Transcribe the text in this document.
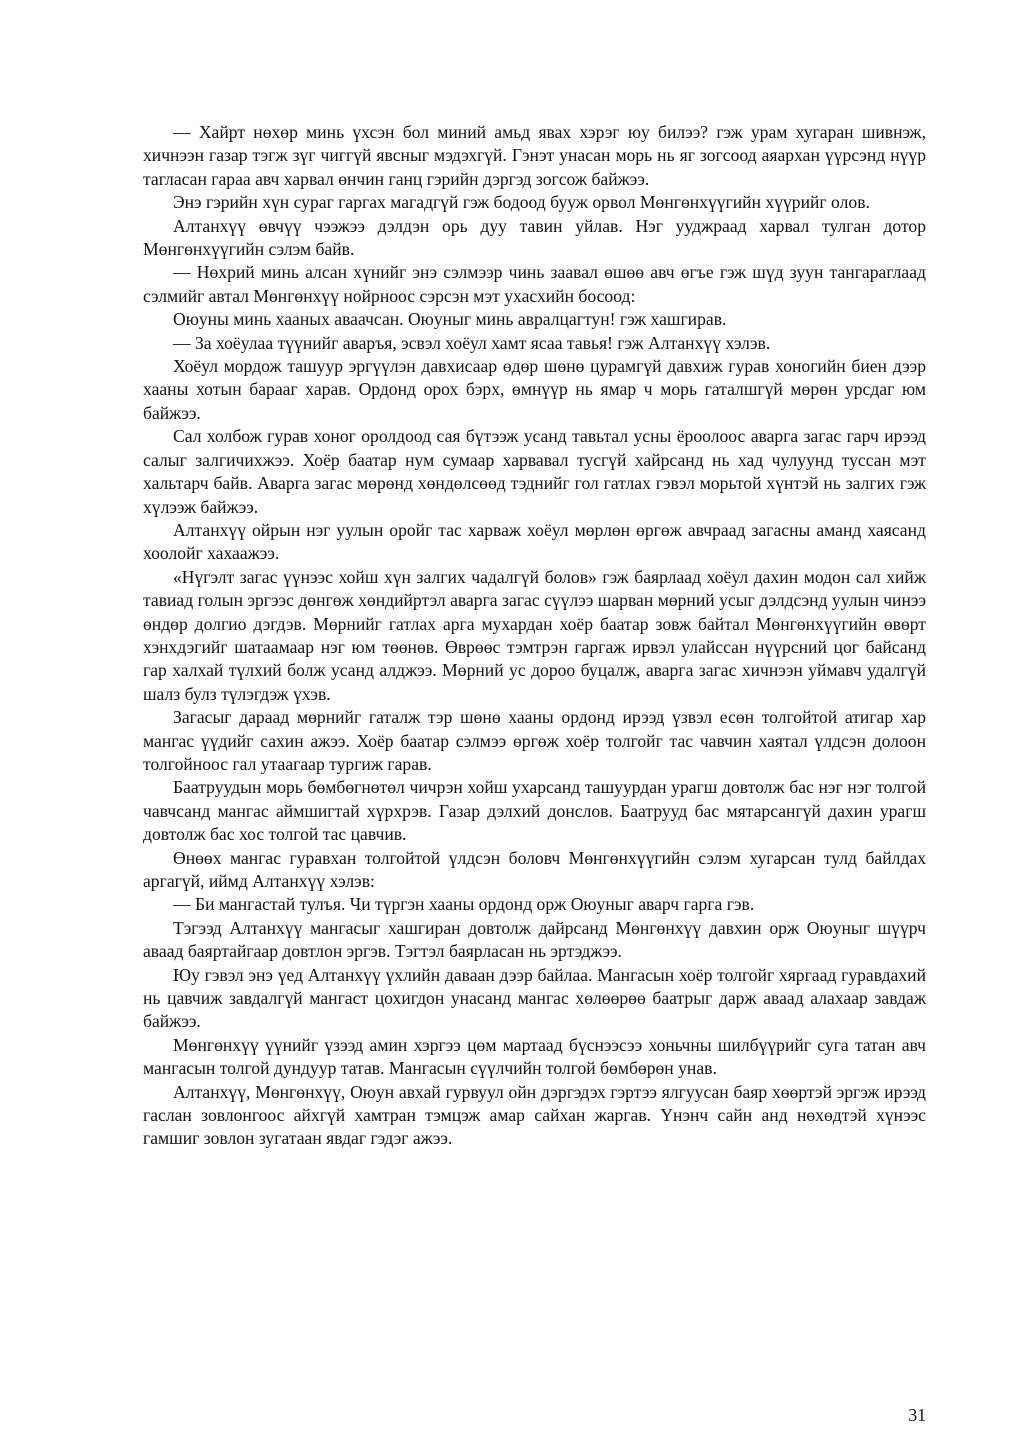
— Хайрт нөхөр минь үхсэн бол миний амьд явах хэрэг юу билээ? гэж урам хугаран шивнэж, хичнээн газар тэгж зүг чиггүй явсныг мэдэхгүй. Гэнэт унасан морь нь яг зогсоод аяархан үүрсэнд нүүр тагласан гараа авч харвал өнчин ганц гэрийн дэргэд зогсож байжээ.

Энэ гэрийн хүн сураг гаргах магадгүй гэж бодоод бууж орвол Мөнгөнхүүгийн хүүрийг олов.

Алтанхүү өвчүү чээжээ дэлдэн орь дуу тавин уйлав. Нэг ууджраад харвал тулган дотор Мөнгөнхүүгийн сэлэм байв.

— Нөхрий минь алсан хүнийг энэ сэлмээр чинь заавал өшөө авч өгъе гэж шүд зуун тангараглаад сэлмийг автал Мөнгөнхүү нойрноос сэрсэн мэт ухасхийн босоод:

Оюуны минь хааных аваачсан. Оюуныг минь авралцагтун! гэж хашгирав.

— За хоёулаа түүнийг аваръя, эсвэл хоёул хамт ясаа тавья! гэж Алтанхүү хэлэв.

Хоёул мордож ташуур эргүүлэн давхисаар өдөр шөнө цурамгүй давхиж гурав хоногийн биен дээр хааны хотын барааг харав. Ордонд орох бэрх, өмнүүр нь ямар ч морь гаталшгүй мөрөн урсдаг юм байжээ.

Сал холбож гурав хоног оролдоод сая бүтээж усанд тавьтал усны ёроолоос аварга загас гарч ирээд салыг залгичихжээ. Хоёр баатар нум сумаар харвавал тусгүй хайрсанд нь хад чулуунд туссан мэт хальтарч байв. Аварга загас мөрөнд хөндөлсөөд тэднийг гол гатлах гэвэл морьтой хүнтэй нь залгих гэж хүлээж байжээ.

Алтанхүү ойрын нэг уулын оройг тас харваж хоёул мөрлөн өргөж авчраад загасны аманд хаясанд хоолойг хахаажээ.

«Нүгэлт загас үүнээс хойш хүн залгих чадалгүй болов» гэж баярлаад хоёул дахин модон сал хийж тавиад голын эргээс дөнгөж хөндийртэл аварга загас сүүлээ шарван мөрний усыг дэлдсэнд уулын чинээ өндөр долгио дэгдэв. Мөрнийг гатлах арга мухардан хоёр баатар зовж байтал Мөнгөнхүүгийн өвөрт хэнхдэгийг шатаамаар нэг юм төөнөв. Өврөөс тэмтрэн гаргаж ирвэл улайссан нүүрсний цог байсанд гар халхай түлхий болж усанд алджээ. Мөрний ус дороо буцалж, аварга загас хичнээн уймавч удалгүй шалз булз түлэгдэж үхэв.

Загасыг дараад мөрнийг гаталж тэр шөнө хааны ордонд ирээд үзвэл есөн толгойтой атигар хар мангас үүдийг сахин ажээ. Хоёр баатар сэлмээ өргөж хоёр толгойг тас чавчин хаятал үлдсэн долоон толгойноос гал утаагаар тургиж гарав.

Баатруудын морь бөмбөгнөтөл чичрэн хойш ухарсанд ташуурдан урагш довтолж бас нэг нэг толгой чавчсанд мангас аймшигтай хүрхрэв. Газар дэлхий донслов. Баатрууд бас мятарсангүй дахин урагш довтолж бас хос толгой тас цавчив.

Өнөөх мангас гуравхан толгойтой үлдсэн боловч Мөнгөнхүүгийн сэлэм хугарсан тулд байлдах аргагүй, иймд Алтанхүү хэлэв:

— Би мангастай тулъя. Чи түргэн хааны ордонд орж Оюуныг аварч гарга гэв.

Тэгээд Алтанхүү мангасыг хашгиран довтолж дайрсанд Мөнгөнхүү давхин орж Оюуныг шүүрч аваад баяртайгаар довтлон эргэв. Тэгтэл баярласан нь эртэджээ.

Юу гэвэл энэ үед Алтанхүү үхлийн даваан дээр байлаа. Мангасын хоёр толгойг хяргаад гуравдахий нь цавчиж завдалгүй мангаст цохигдон унасанд мангас хөлөөрөө баатрыг дарж аваад алахаар завдаж байжээ.

Мөнгөнхүү үүнийг үзээд амин хэргээ цөм мартаад бүснээсээ хоньчны шилбүүрийг суга татан авч мангасын толгой дундуур татав. Мангасын сүүлчийн толгой бөмбөрөн унав.

Алтанхүү, Мөнгөнхүү, Оюун авхай гурвуул ойн дэргэдэх гэртээ ялгуусан баяр хөөртэй эргэж ирээд гаслан зовлонгоос айхгүй хамтран тэмцэж амар сайхан жаргав. Үнэнч сайн анд нөхөдтэй хүнээс гамшиг зовлон зугатаан явдаг гэдэг ажээ.

31
